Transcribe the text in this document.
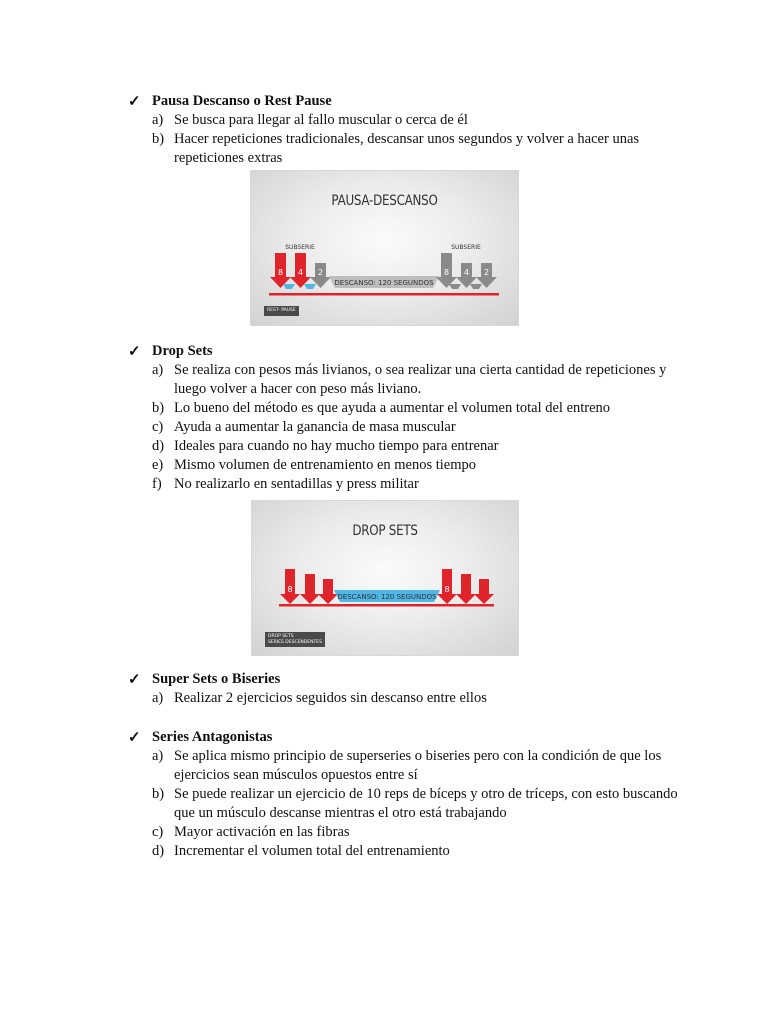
✓ Pausa Descanso o Rest Pause
a) Se busca para llegar al fallo muscular o cerca de él
b) Hacer repeticiones tradicionales, descansar unos segundos y volver a hacer unas repeticiones extras
PAUSA-DESCANSO
SUBSERIE	SUBSERIE
8 4 2
DESCANSO: 120 SEGUNDOS
8 4 2
REST- PAUSE
✓ Drop Sets
a) Se realiza con pesos más livianos, o sea realizar una cierta cantidad de repeticiones y luego volver a hacer con peso más liviano.
b) Lo bueno del método es que ayuda a aumentar el volumen total del entreno
c) Ayuda a aumentar la ganancia de masa muscular
d) Ideales para cuando no hay mucho tiempo para entrenar
e) Mismo volumen de entrenamiento en menos tiempo
f) No realizarlo en sentadillas y press militar
DROP SETS
8
DESCANSO: 120 SEGUNDOS
8
DROP SETS
SERIES DESCENDENTES
✓ Super Sets o Biseries
a) Realizar 2 ejercicios seguidos sin descanso entre ellos
✓ Series Antagonistas
a) Se aplica mismo principio de superseries o biseries pero con la condición de que los ejercicios sean músculos opuestos entre sí
b) Se puede realizar un ejercicio de 10 reps de bíceps y otro de tríceps, con esto buscando que un músculo descanse mientras el otro está trabajando
c) Mayor activación en las fibras
d) Incrementar el volumen total del entrenamiento
